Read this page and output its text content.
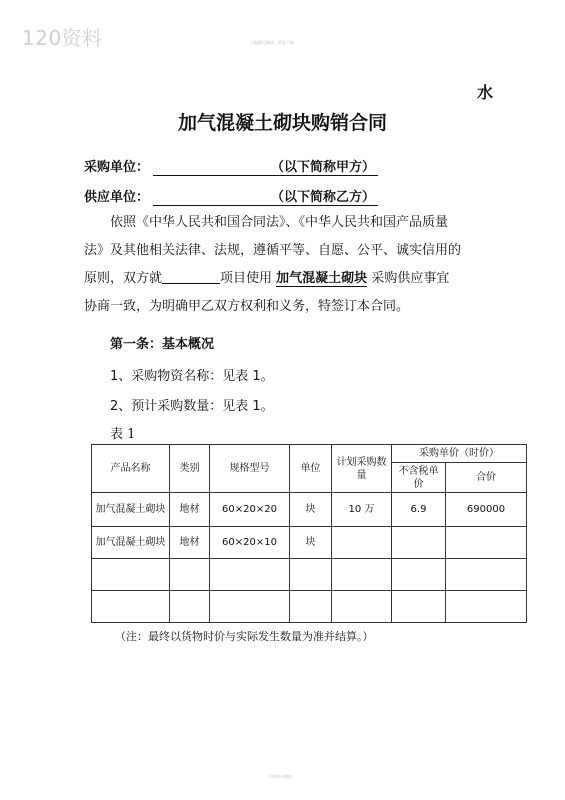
120资料	可编辑可修改，欢迎下载
水
加气混凝土砌块购销合同
采购单位：	（以下简称甲方）
供应单位：	（以下简称乙方）

依照《中华人民共和国合同法》、《中华人民共和国产品质量

法》及其他相关法律、法规，遵循平等、自愿、公平、诚实信用的

原则，双方就	项目使用 加气混凝土砌块 采购供应事宜

协商一致，为明确甲乙双方权利和义务，特签订本合同。

第一条：基本概况
1、采购物资名称：见表 1。
2、预计采购数量：见表 1。
表 1
产品名称	类别	规格型号	单位	计划采购数量	采购单价（时价）	
					不含税单价	合价
加气混凝土砌块	地材	60×20×20	块	10 万	6.9	690000
加气混凝土砌块	地材	60×20×10	块			

（注：最终以货物时价与实际发生数量为准并结算。）
合同协议模板
